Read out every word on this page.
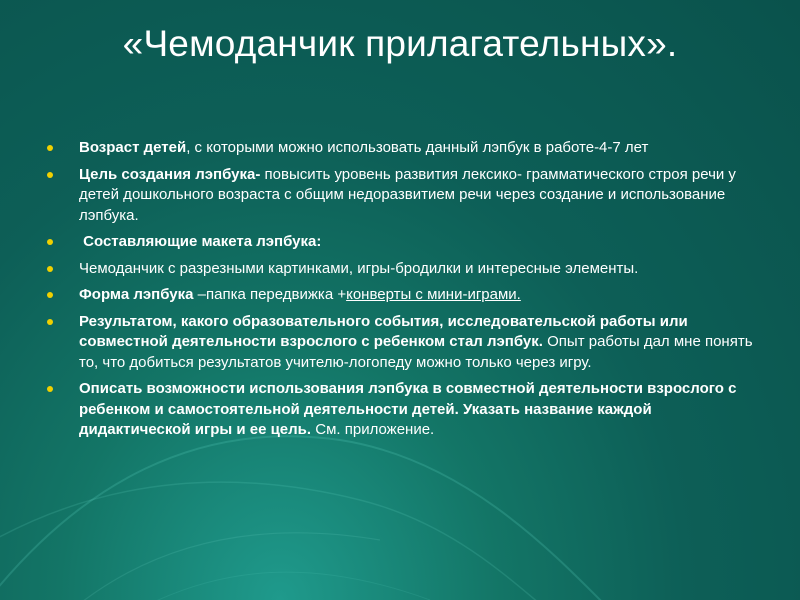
«Чемоданчик прилагательных».
Возраст детей, с которыми можно использовать данный лэпбук в работе-4-7 лет
Цель создания лэпбука- повысить уровень развития лексико- грамматического строя речи у детей дошкольного возраста с общим недоразвитием речи через создание и использование лэпбука.
Составляющие макета лэпбука:
Чемоданчик с разрезными картинками, игры-бродилки и интересные элементы.
Форма лэпбука –папка передвижка +конверты с мини-играми.
Результатом, какого образовательного события, исследовательской работы или совместной деятельности взрослого с ребенком стал лэпбук. Опыт работы дал мне понять то, что добиться результатов учителю-логопеду можно только через игру.
Описать возможности использования лэпбука в совместной деятельности взрослого с ребенком и самостоятельной деятельности детей. Указать название каждой дидактической игры и ее цель. См. приложение.
